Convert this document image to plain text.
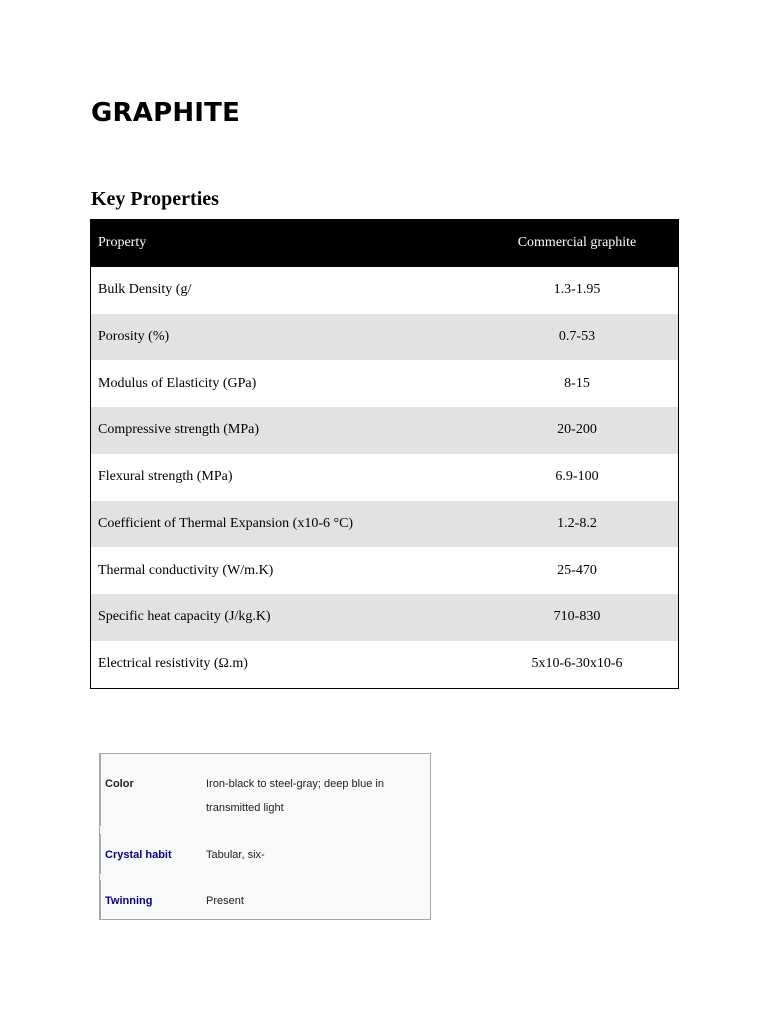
GRAPHITE
Key Properties
Property	Commercial graphite
Bulk Density (g/	1.3-1.95
Porosity (%)	0.7-53
Modulus of Elasticity (GPa)	8-15
Compressive strength (MPa)	20-200
Flexural strength (MPa)	6.9-100
Coefficient of Thermal Expansion (x10-6 °C)	1.2-8.2
Thermal conductivity (W/m.K)	25-470
Specific heat capacity (J/kg.K)	710-830
Electrical resistivity (Ω.m)	5x10-6-30x10-6
Color	Iron-black to steel-gray; deep blue in transmitted light
Crystal habit	Tabular, six-
Twinning	Present
